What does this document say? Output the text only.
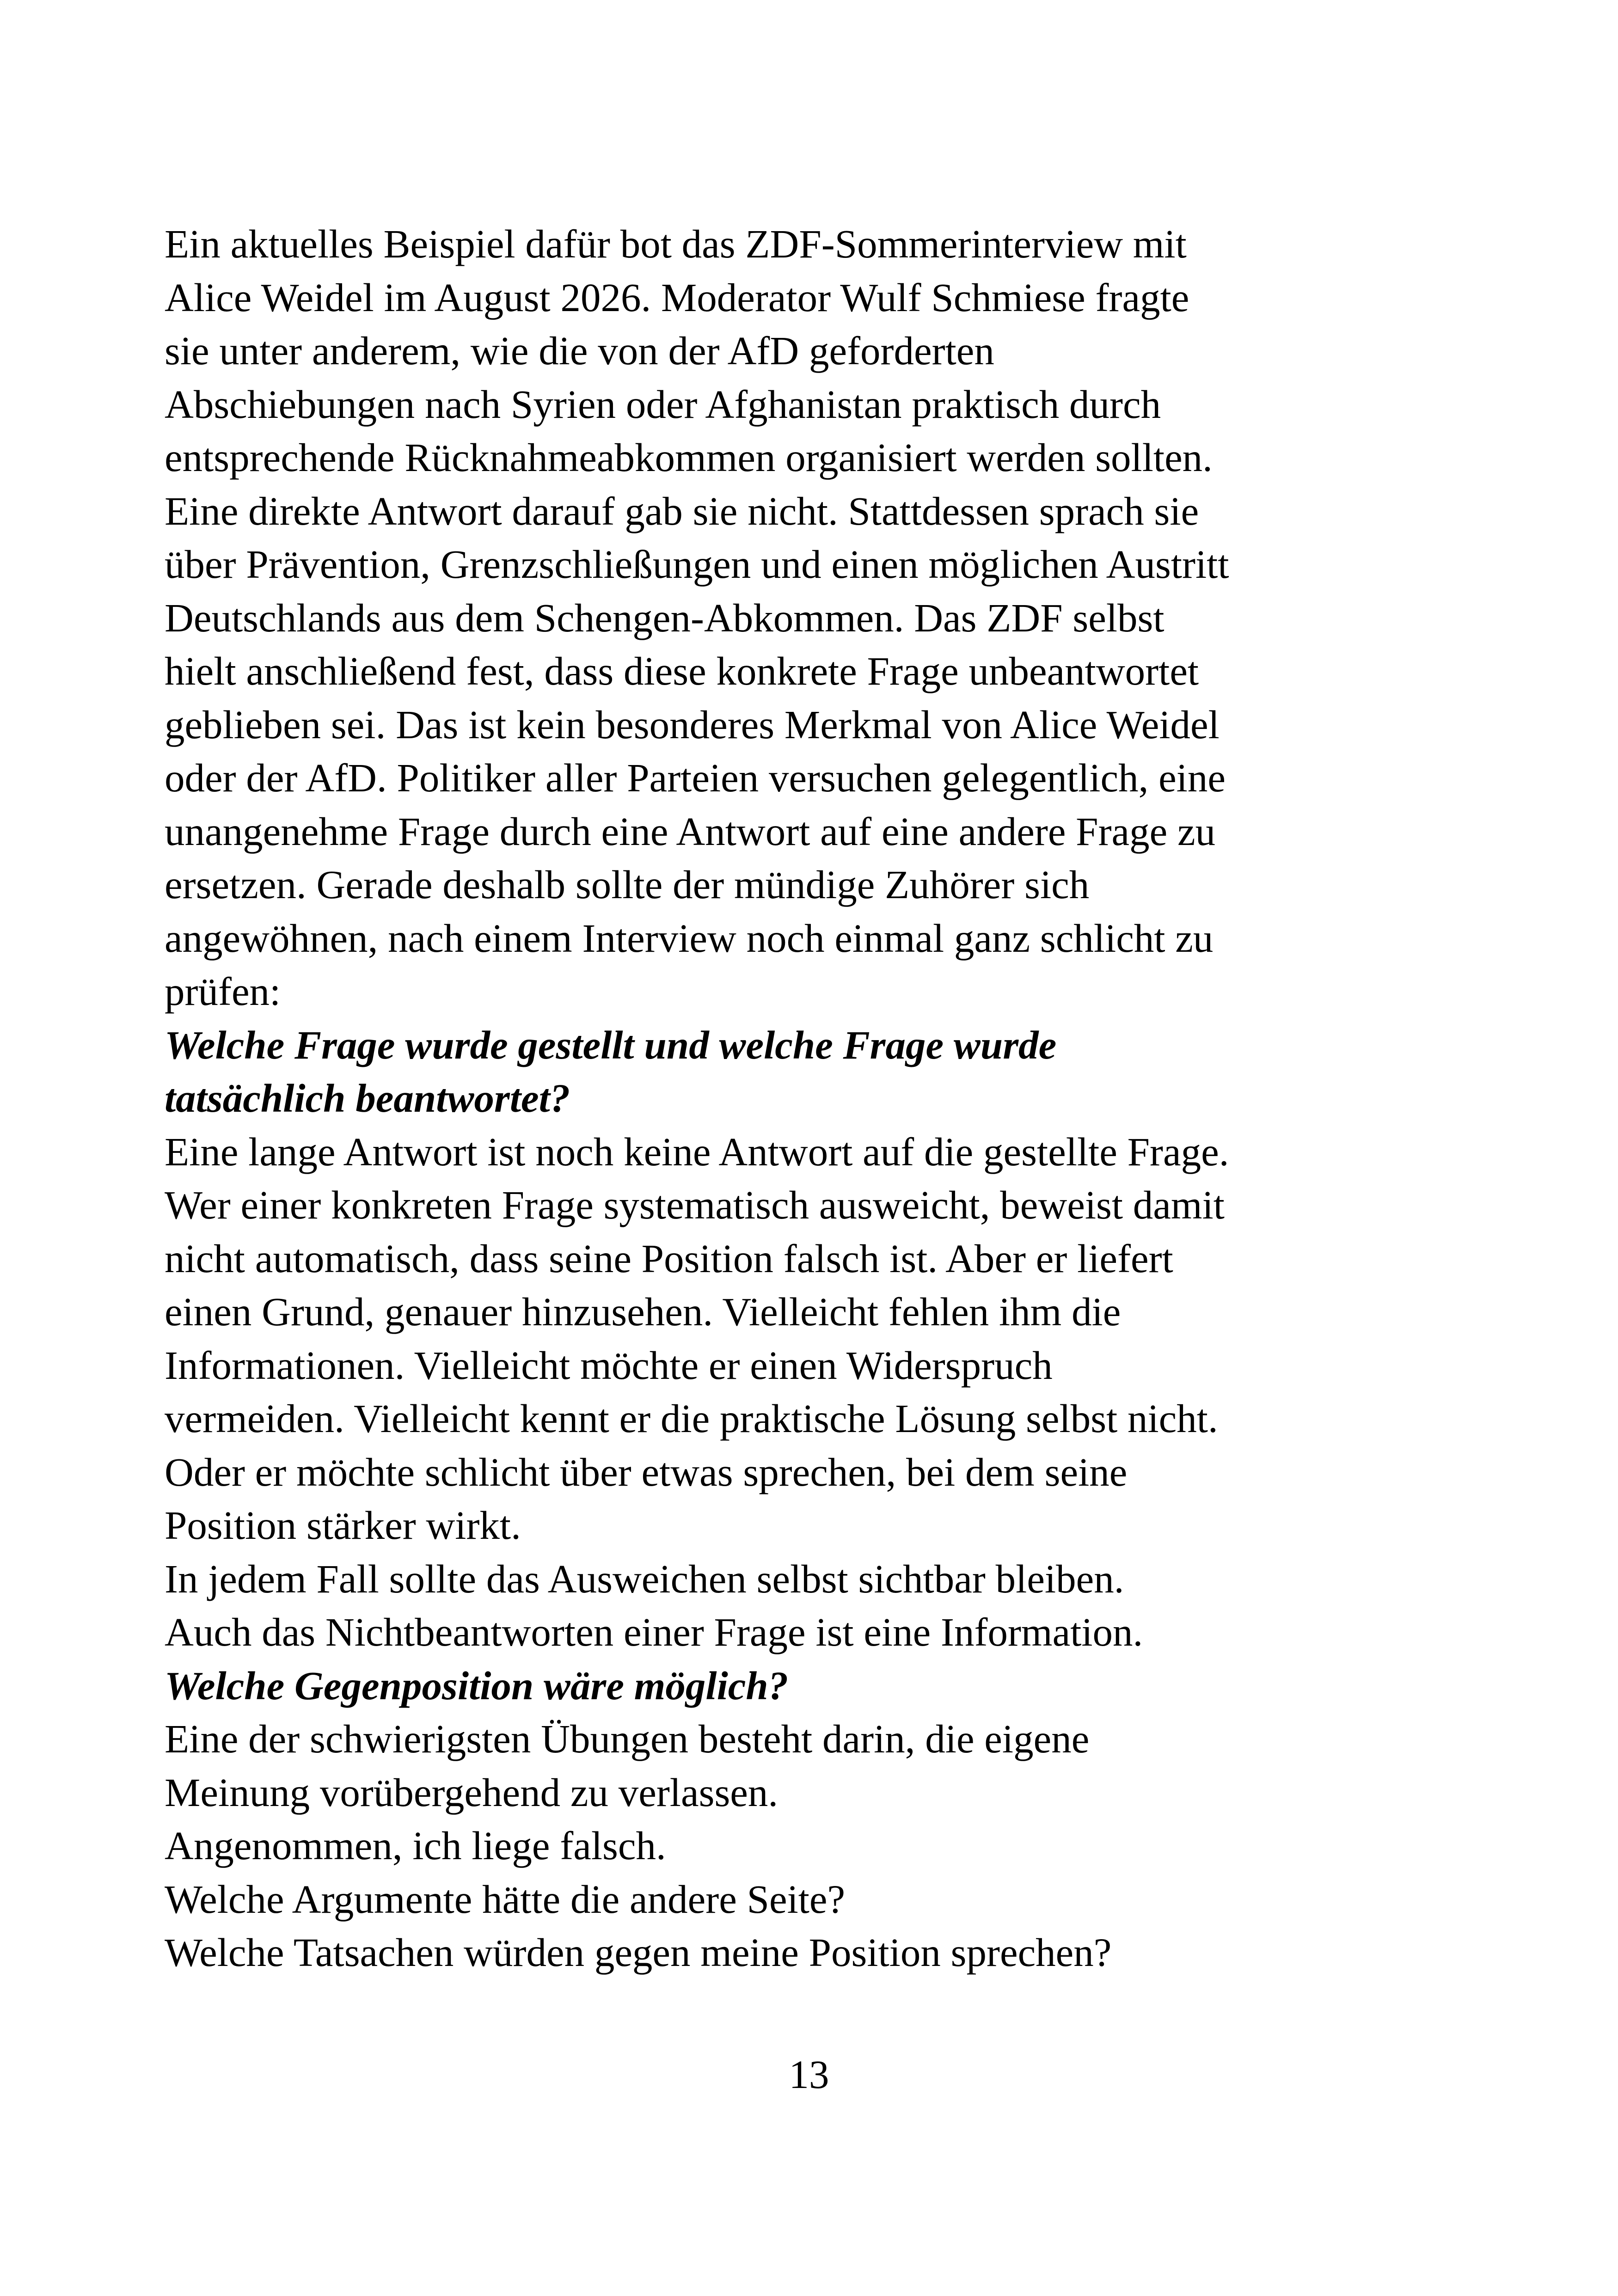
Ein aktuelles Beispiel dafür bot das ZDF-Sommerinterview mit
Alice Weidel im August 2026. Moderator Wulf Schmiese fragte
sie unter anderem, wie die von der AfD geforderten
Abschiebungen nach Syrien oder Afghanistan praktisch durch
entsprechende Rücknahmeabkommen organisiert werden sollten.
Eine direkte Antwort darauf gab sie nicht. Stattdessen sprach sie
über Prävention, Grenzschließungen und einen möglichen Austritt
Deutschlands aus dem Schengen-Abkommen. Das ZDF selbst
hielt anschließend fest, dass diese konkrete Frage unbeantwortet
geblieben sei. Das ist kein besonderes Merkmal von Alice Weidel
oder der AfD. Politiker aller Parteien versuchen gelegentlich, eine
unangenehme Frage durch eine Antwort auf eine andere Frage zu
ersetzen. Gerade deshalb sollte der mündige Zuhörer sich
angewöhnen, nach einem Interview noch einmal ganz schlicht zu
prüfen:
Welche Frage wurde gestellt und welche Frage wurde
tatsächlich beantwortet?
Eine lange Antwort ist noch keine Antwort auf die gestellte Frage.
Wer einer konkreten Frage systematisch ausweicht, beweist damit
nicht automatisch, dass seine Position falsch ist. Aber er liefert
einen Grund, genauer hinzusehen. Vielleicht fehlen ihm die
Informationen. Vielleicht möchte er einen Widerspruch
vermeiden. Vielleicht kennt er die praktische Lösung selbst nicht.
Oder er möchte schlicht über etwas sprechen, bei dem seine
Position stärker wirkt.
In jedem Fall sollte das Ausweichen selbst sichtbar bleiben.
Auch das Nichtbeantworten einer Frage ist eine Information.
Welche Gegenposition wäre möglich?
Eine der schwierigsten Übungen besteht darin, die eigene
Meinung vorübergehend zu verlassen.
Angenommen, ich liege falsch.
Welche Argumente hätte die andere Seite?
Welche Tatsachen würden gegen meine Position sprechen?
13
